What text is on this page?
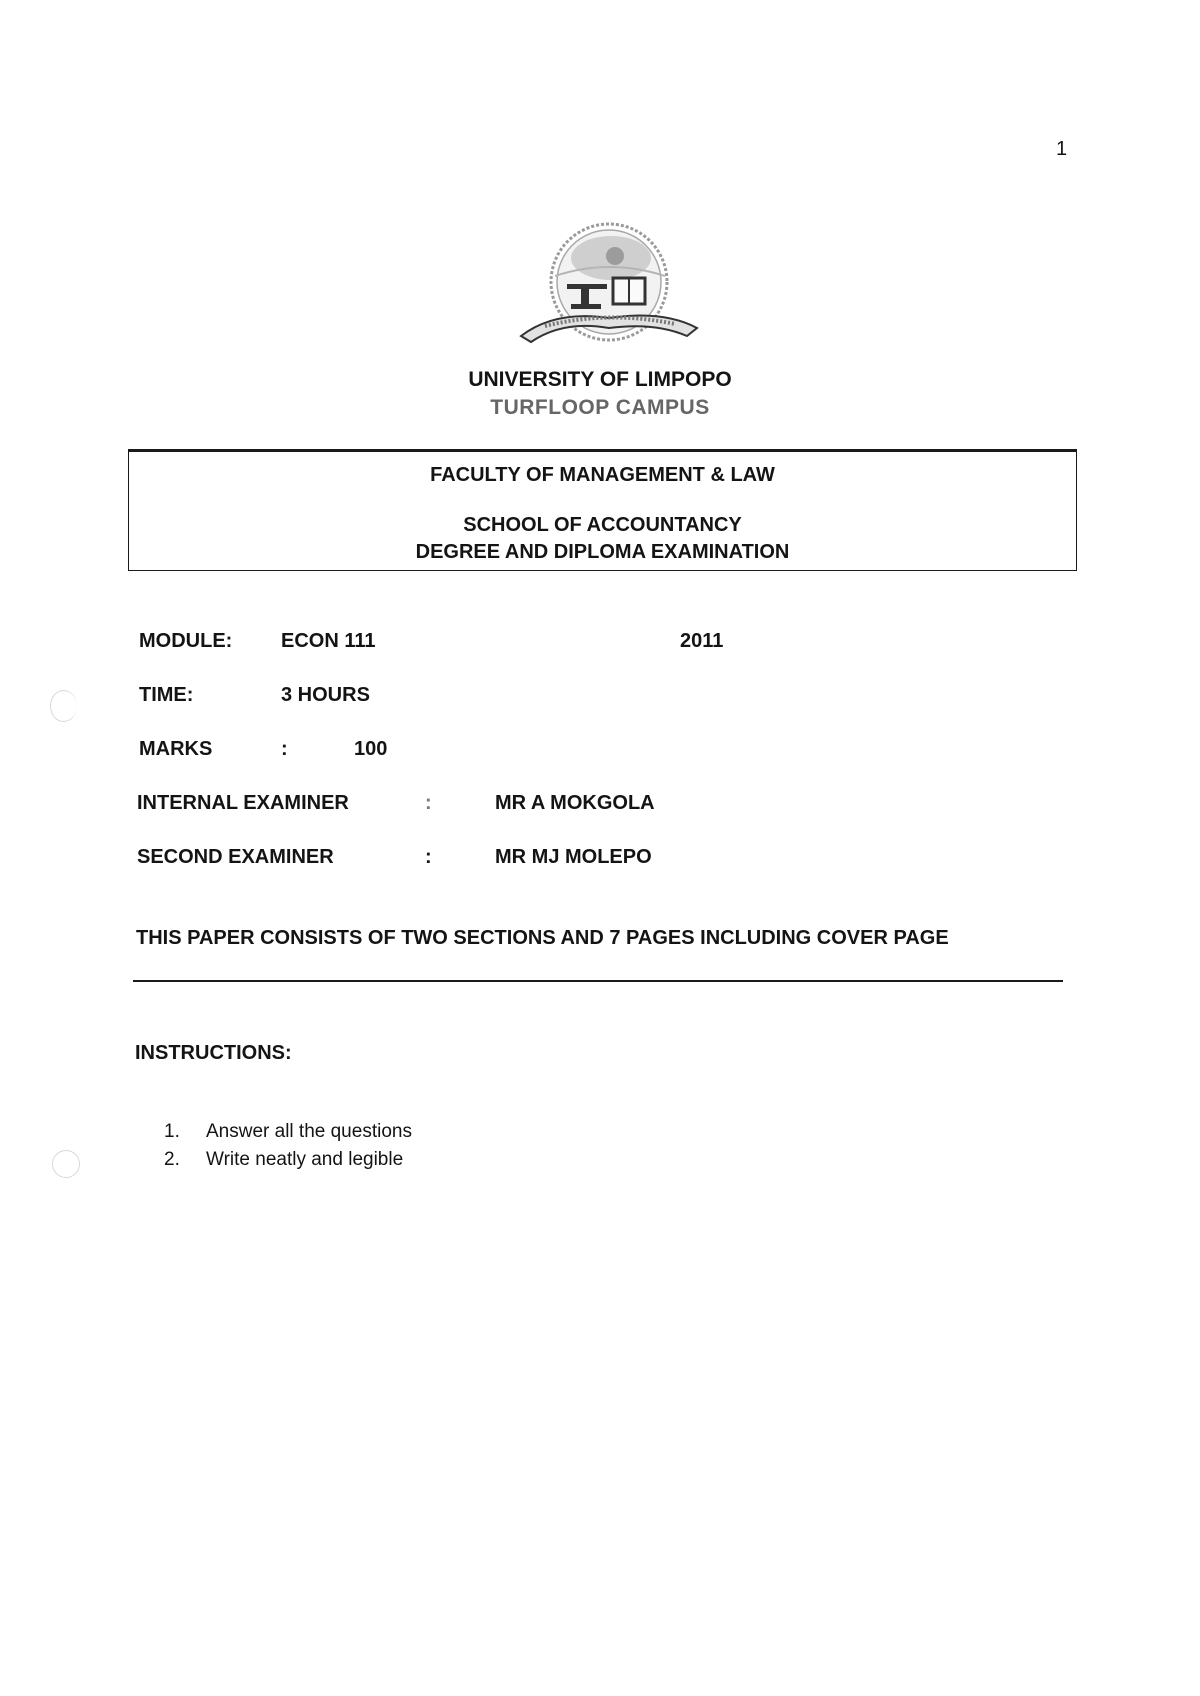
1
UNIVERSITY OF LIMPOPO
TURFLOOP CAMPUS
FACULTY OF MANAGEMENT & LAW
SCHOOL OF ACCOUNTANCY
DEGREE AND DIPLOMA EXAMINATION
MODULE: ECON 111	2011
TIME:	3 HOURS
MARKS	:	100
INTERNAL EXAMINER	:	MR A MOKGOLA
SECOND EXAMINER	:	MR MJ MOLEPO
THIS PAPER CONSISTS OF TWO SECTIONS AND 7 PAGES INCLUDING COVER PAGE
INSTRUCTIONS:
1. Answer all the questions
2. Write neatly and legible
